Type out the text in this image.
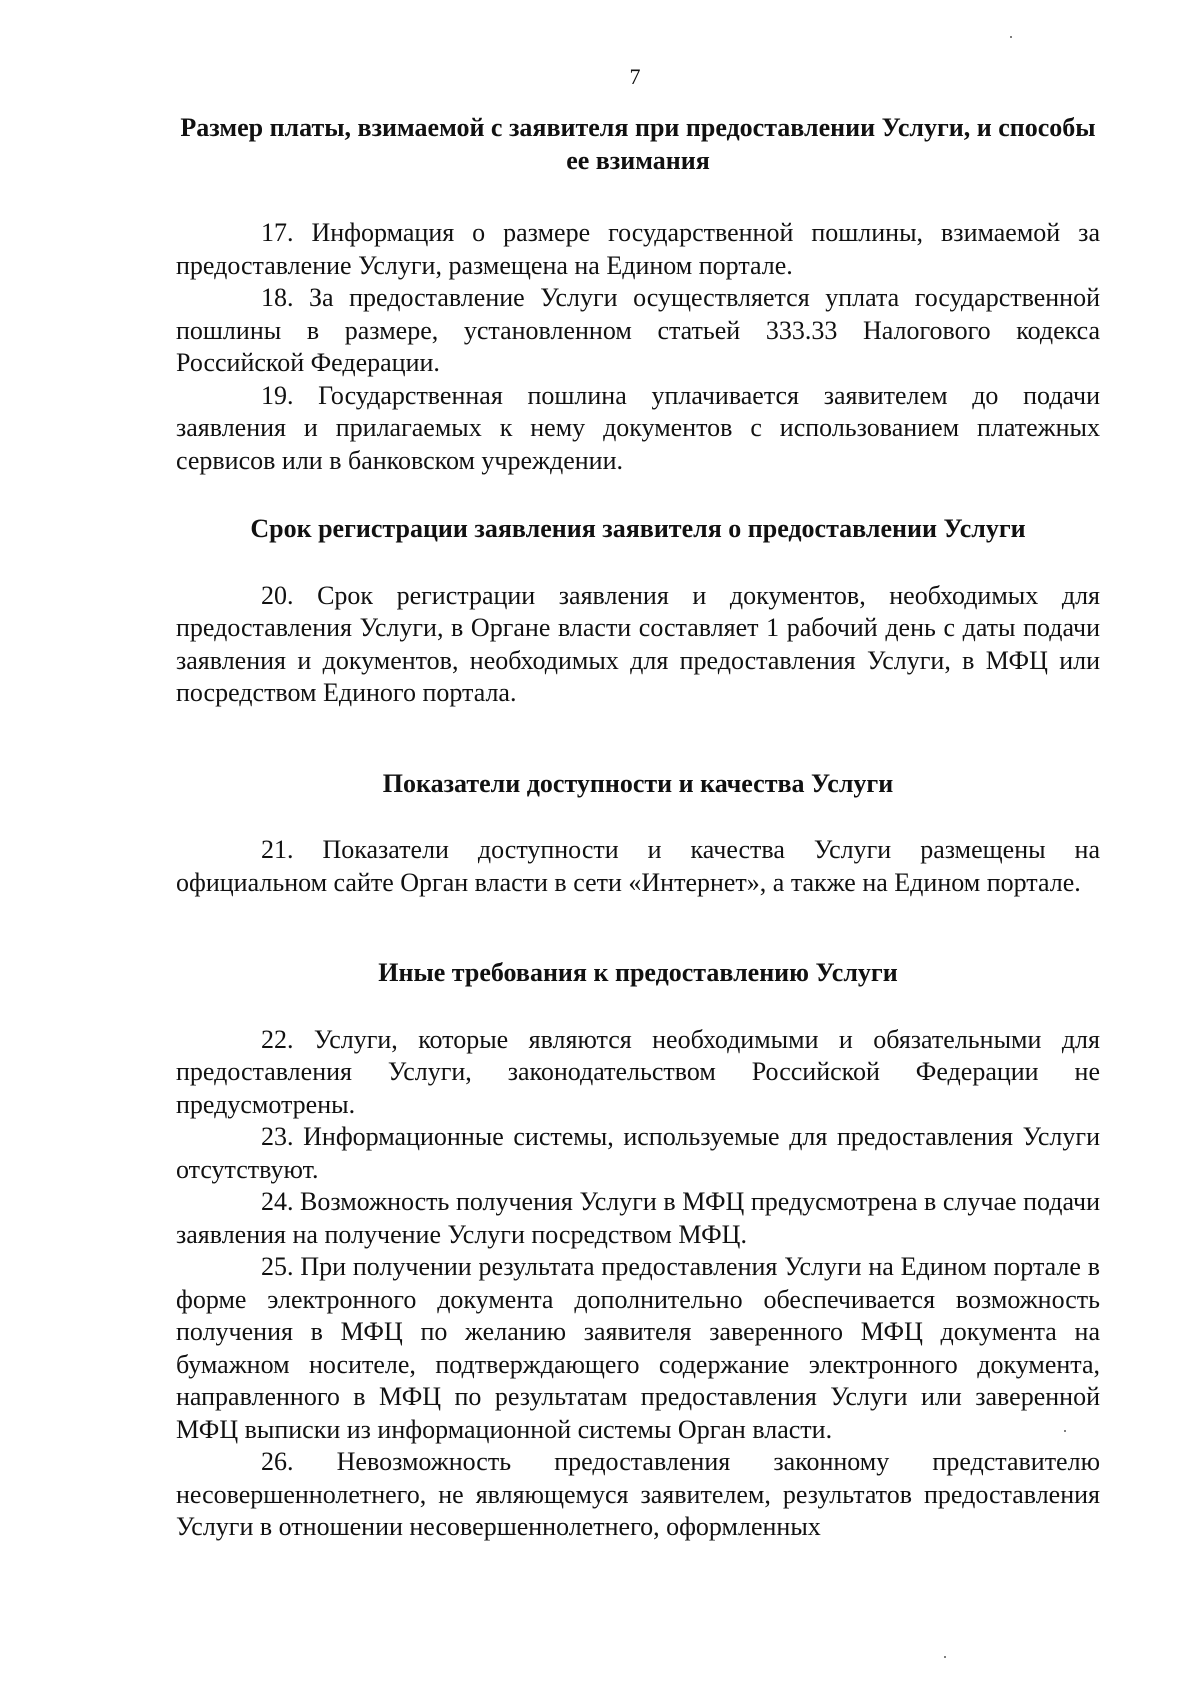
7

Размер платы, взимаемой с заявителя при предоставлении Услуги, и способы ее взимания

17. Информация о размере государственной пошлины, взимаемой за предоставление Услуги, размещена на Едином портале.

18. За предоставление Услуги осуществляется уплата государственной пошлины в размере, установленном статьей 333.33 Налогового кодекса Российской Федерации.

19. Государственная пошлина уплачивается заявителем до подачи заявления и прилагаемых к нему документов с использованием платежных сервисов или в банковском учреждении.

Срок регистрации заявления заявителя о предоставлении Услуги

20. Срок регистрации заявления и документов, необходимых для предоставления Услуги, в Органе власти составляет 1 рабочий день с даты подачи заявления и документов, необходимых для предоставления Услуги, в МФЦ или посредством Единого портала.

Показатели доступности и качества Услуги

21. Показатели доступности и качества Услуги размещены на официальном сайте Орган власти в сети «Интернет», а также на Едином портале.

Иные требования к предоставлению Услуги

22. Услуги, которые являются необходимыми и обязательными для предоставления Услуги, законодательством Российской Федерации не предусмотрены.

23. Информационные системы, используемые для предоставления Услуги отсутствуют.

24. Возможность получения Услуги в МФЦ предусмотрена в случае подачи заявления на получение Услуги посредством МФЦ.

25. При получении результата предоставления Услуги на Едином портале в форме электронного документа дополнительно обеспечивается возможность получения в МФЦ по желанию заявителя заверенного МФЦ документа на бумажном носителе, подтверждающего содержание электронного документа, направленного в МФЦ по результатам предоставления Услуги или заверенной МФЦ выписки из информационной системы Орган власти.

26. Невозможность предоставления законному представителю несовершеннолетнего, не являющемуся заявителем, результатов предоставления Услуги в отношении несовершеннолетнего, оформленных
